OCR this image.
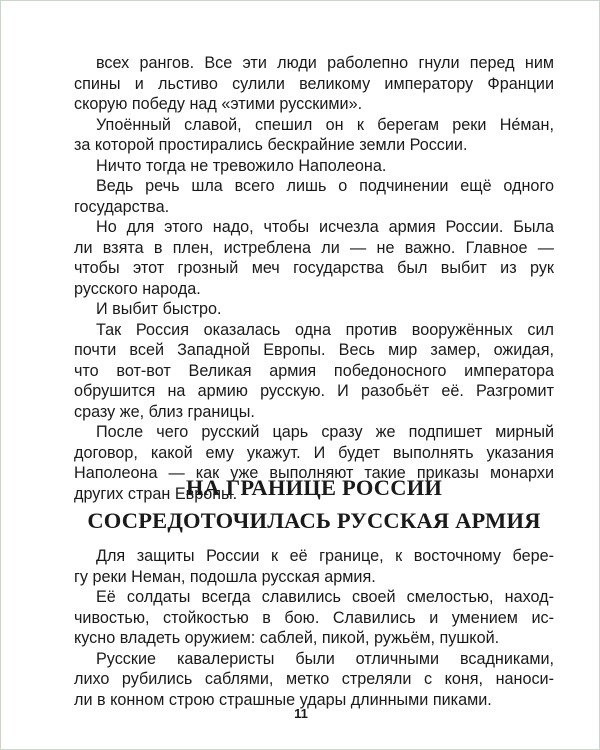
всех рангов. Все эти люди раболепно гнули перед ним
спины и льстиво сулили великому императору Франции
скорую победу над «этими русскими».
Упоённый славой, спешил он к берегам реки Не́ман,
за которой простирались бескрайние земли России.
Ничто тогда не тревожило Наполеона.
Ведь речь шла всего лишь о подчинении ещё одного
государства.
Но для этого надо, чтобы исчезла армия России. Была
ли взята в плен, истреблена ли — не важно. Главное —
чтобы этот грозный меч государства был выбит из рук
русского народа.
И выбит быстро.
Так Россия оказалась одна против вооружённых сил
почти всей Западной Европы. Весь мир замер, ожидая,
что вот-вот Великая армия победоносного императора
обрушится на армию русскую. И разобьёт её. Разгромит
сразу же, близ границы.
После чего русский царь сразу же подпишет мирный
договор, какой ему укажут. И будет выполнять указания
Наполеона — как уже выполняют такие приказы монархи
других стран Европы.
НА ГРАНИЦЕ РОССИИ
СОСРЕДОТОЧИЛАСЬ РУССКАЯ АРМИЯ
Для защиты России к её границе, к восточному бере-
гу реки Неман, подошла русская армия.
Её солдаты всегда славились своей смелостью, наход-
чивостью, стойкостью в бою. Славились и умением ис-
кусно владеть оружием: саблей, пикой, ружьём, пушкой.
Русские кавалеристы были отличными всадниками,
лихо рубились саблями, метко стреляли с коня, наноси-
ли в конном строю страшные удары длинными пиками.
11
